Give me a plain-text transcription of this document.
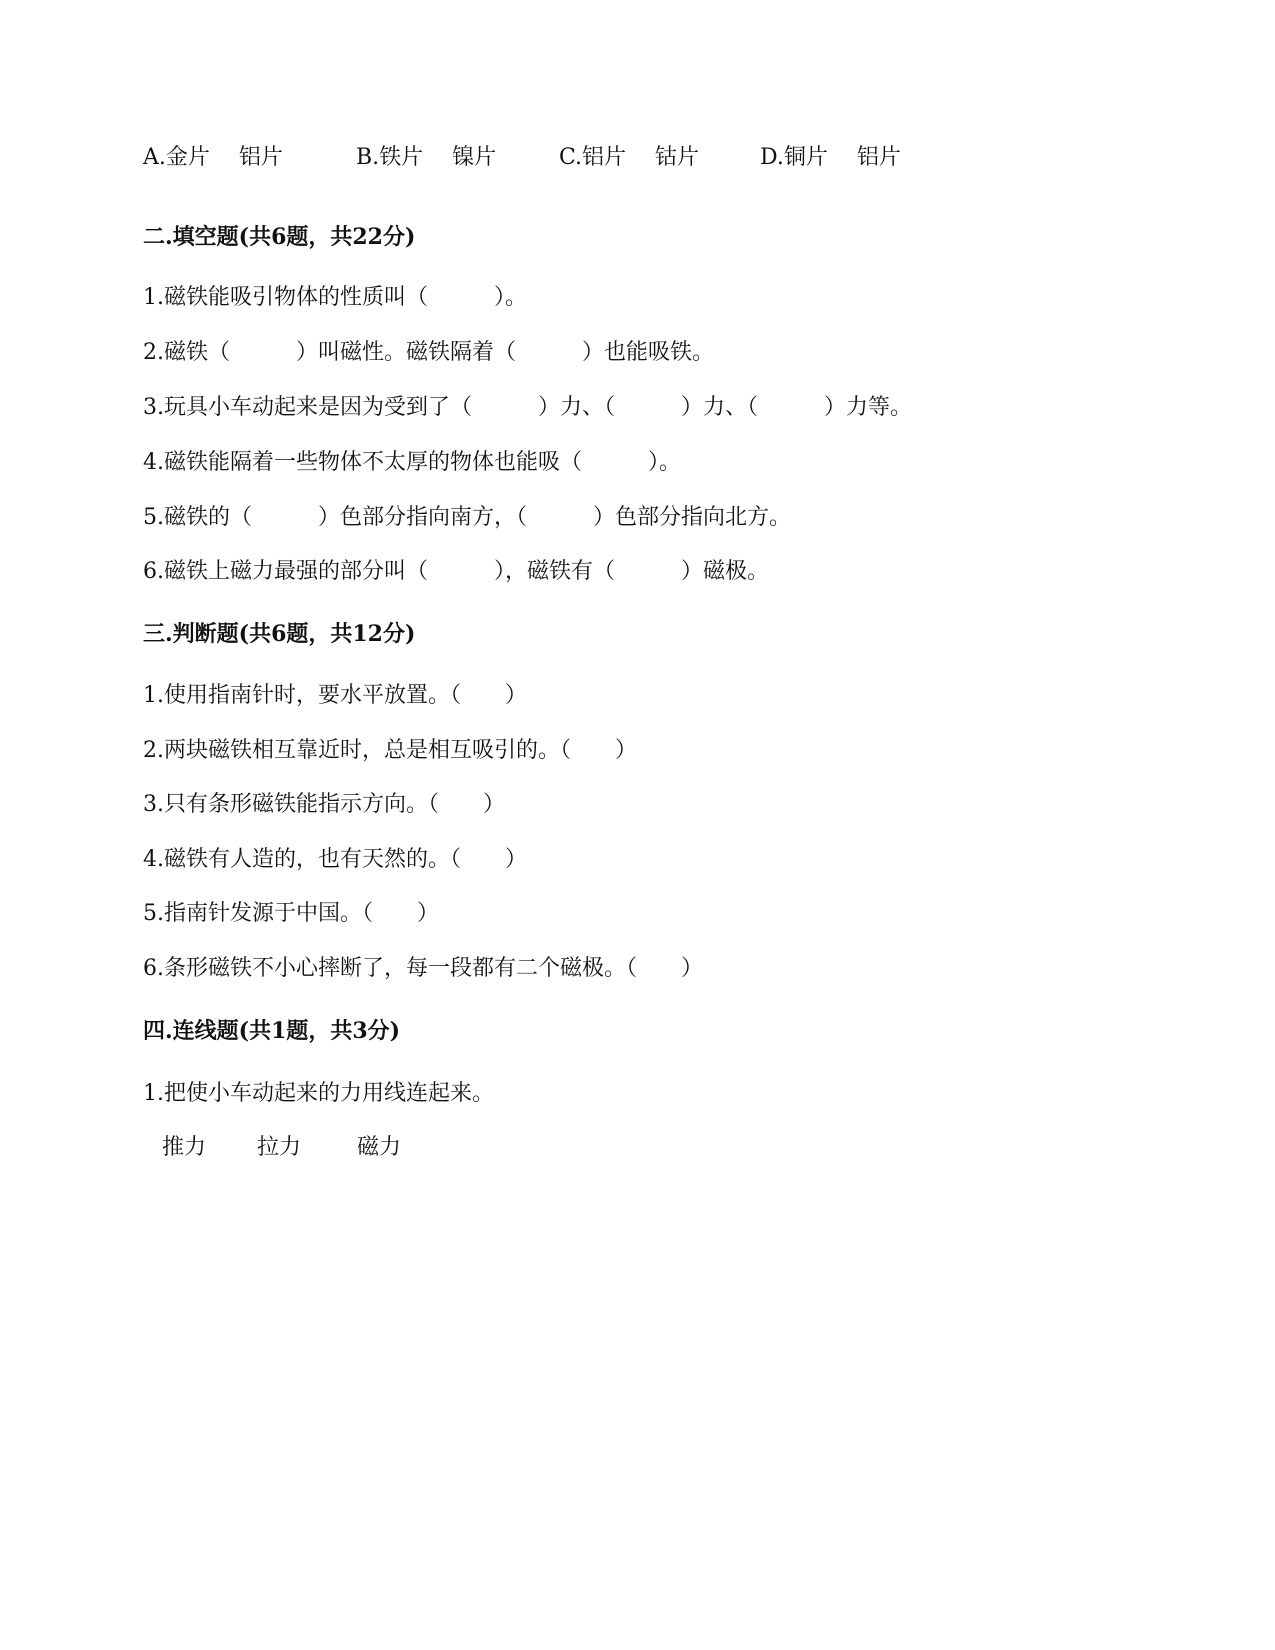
A.金片　 铝片	B.铁片　 镍片	C.铝片　 钴片	D.铜片　 铝片
二.填空题(共6题，共22分)
1.磁铁能吸引物体的性质叫（　　　）。
2.磁铁（　　　）叫磁性。磁铁隔着（　　　）也能吸铁。
3.玩具小车动起来是因为受到了（　　　）力、（　　　）力、（　　　）力等。
4.磁铁能隔着一些物体不太厚的物体也能吸（　　　）。
5.磁铁的（　　　）色部分指向南方，（　　　）色部分指向北方。
6.磁铁上磁力最强的部分叫（　　　），磁铁有（　　　）磁极。
三.判断题(共6题，共12分)
1.使用指南针时，要水平放置。（　　）
2.两块磁铁相互靠近时，总是相互吸引的。（　　）
3.只有条形磁铁能指示方向。（　　）
4.磁铁有人造的，也有天然的。（　　）
5.指南针发源于中国。（　　）
6.条形磁铁不小心摔断了，每一段都有二个磁极。（　　）
四.连线题(共1题，共3分)
1.把使小车动起来的力用线连起来。
推力 拉力	磁力
